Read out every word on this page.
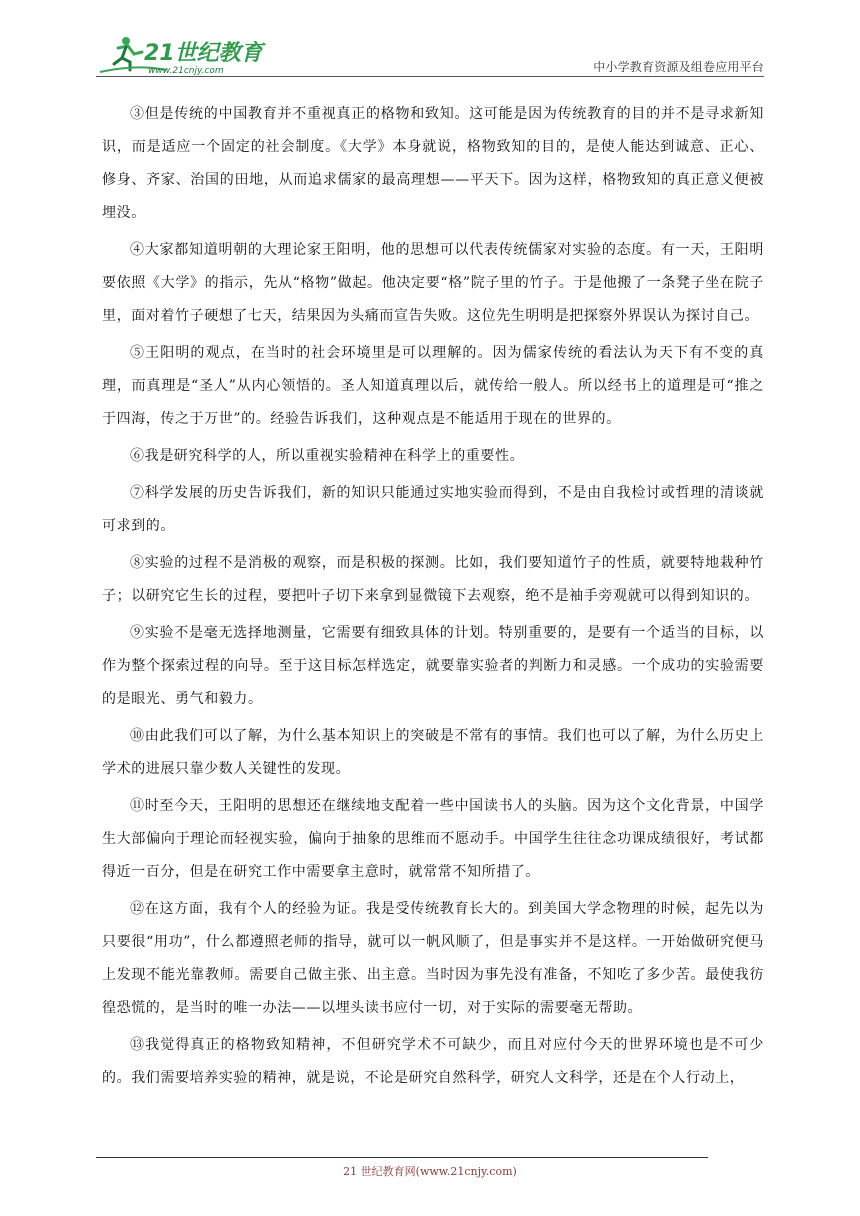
21世纪教育
www.21cnjy.com	中小学教育资源及组卷应用平台

③但是传统的中国教育并不重视真正的格物和致知。这可能是因为传统教育的目的并不是寻求新知识，而是适应一个固定的社会制度。《大学》本身就说，格物致知的目的，是使人能达到诚意、正心、修身、齐家、治国的田地，从而追求儒家的最高理想——平天下。因为这样，格物致知的真正意义便被埋没。

④大家都知道明朝的大理论家王阳明，他的思想可以代表传统儒家对实验的态度。有一天，王阳明要依照《大学》的指示，先从“格物”做起。他决定要“格”院子里的竹子。于是他搬了一条凳子坐在院子里，面对着竹子硬想了七天，结果因为头痛而宣告失败。这位先生明明是把探察外界误认为探讨自己。

⑤王阳明的观点，在当时的社会环境里是可以理解的。因为儒家传统的看法认为天下有不变的真理，而真理是“圣人”从内心领悟的。圣人知道真理以后，就传给一般人。所以经书上的道理是可“推之于四海，传之于万世”的。经验告诉我们，这种观点是不能适用于现在的世界的。

⑥我是研究科学的人，所以重视实验精神在科学上的重要性。

⑦科学发展的历史告诉我们，新的知识只能通过实地实验而得到，不是由自我检讨或哲理的清谈就可求到的。

⑧实验的过程不是消极的观察，而是积极的探测。比如，我们要知道竹子的性质，就要特地栽种竹子；以研究它生长的过程，要把叶子切下来拿到显微镜下去观察，绝不是袖手旁观就可以得到知识的。

⑨实验不是毫无选择地测量，它需要有细致具体的计划。特别重要的，是要有一个适当的目标，以作为整个探索过程的向导。至于这目标怎样选定，就要靠实验者的判断力和灵感。一个成功的实验需要的是眼光、勇气和毅力。

⑩由此我们可以了解，为什么基本知识上的突破是不常有的事情。我们也可以了解，为什么历史上学术的进展只靠少数人关键性的发现。

⑪时至今天，王阳明的思想还在继续地支配着一些中国读书人的头脑。因为这个文化背景，中国学生大部偏向于理论而轻视实验，偏向于抽象的思维而不愿动手。中国学生往往念功课成绩很好，考试都得近一百分，但是在研究工作中需要拿主意时，就常常不知所措了。

⑫在这方面，我有个人的经验为证。我是受传统教育长大的。到美国大学念物理的时候，起先以为只要很“用功”，什么都遵照老师的指导，就可以一帆风顺了，但是事实并不是这样。一开始做研究便马上发现不能光靠教师。需要自己做主张、出主意。当时因为事先没有准备，不知吃了多少苦。最使我彷徨恐慌的，是当时的唯一办法——以埋头读书应付一切，对于实际的需要毫无帮助。

⑬我觉得真正的格物致知精神，不但研究学术不可缺少，而且对应付今天的世界环境也是不可少的。我们需要培养实验的精神，就是说，不论是研究自然科学，研究人文科学，还是在个人行动上，

21 世纪教育网(www.21cnjy.com)
